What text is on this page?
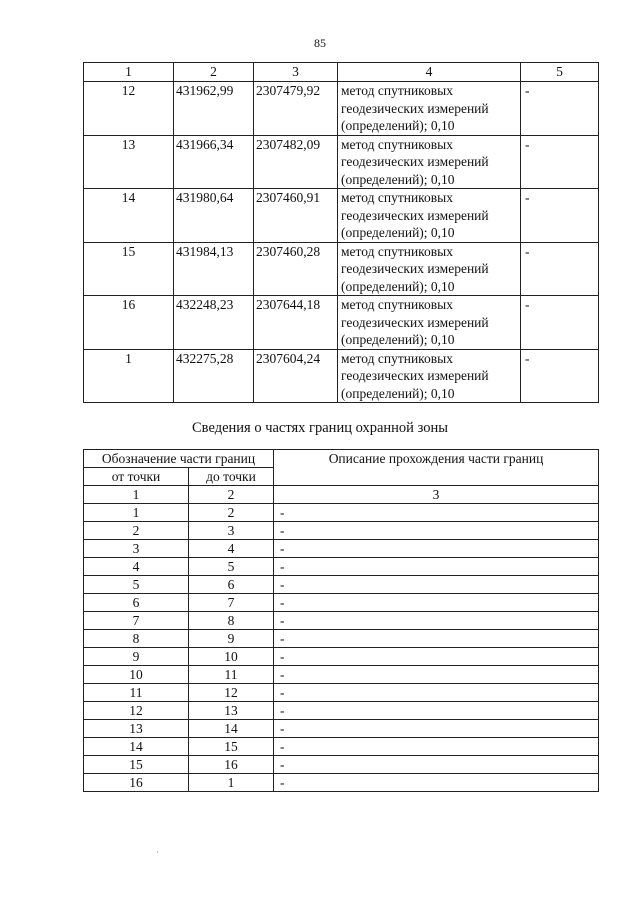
85
1	2	3	4	5
12	431962,99	2307479,92	метод спутниковых геодезических измерений (определений); 0,10	-
13	431966,34	2307482,09	метод спутниковых геодезических измерений (определений); 0,10	-
14	431980,64	2307460,91	метод спутниковых геодезических измерений (определений); 0,10	-
15	431984,13	2307460,28	метод спутниковых геодезических измерений (определений); 0,10	-
16	432248,23	2307644,18	метод спутниковых геодезических измерений (определений); 0,10	-
1	432275,28	2307604,24	метод спутниковых геодезических измерений (определений); 0,10	-
Сведения о частях границ охранной зоны
Обозначение части границ		Описание прохождения части границ
от точки	до точки	
1	2	3
1	2	-
2	3	-
3	4	-
4	5	-
5	6	-
6	7	-
7	8	-
8	9	-
9	10	-
10	11	-
11	12	-
12	13	-
13	14	-
14	15	-
15	16	-
16	1	-
·
